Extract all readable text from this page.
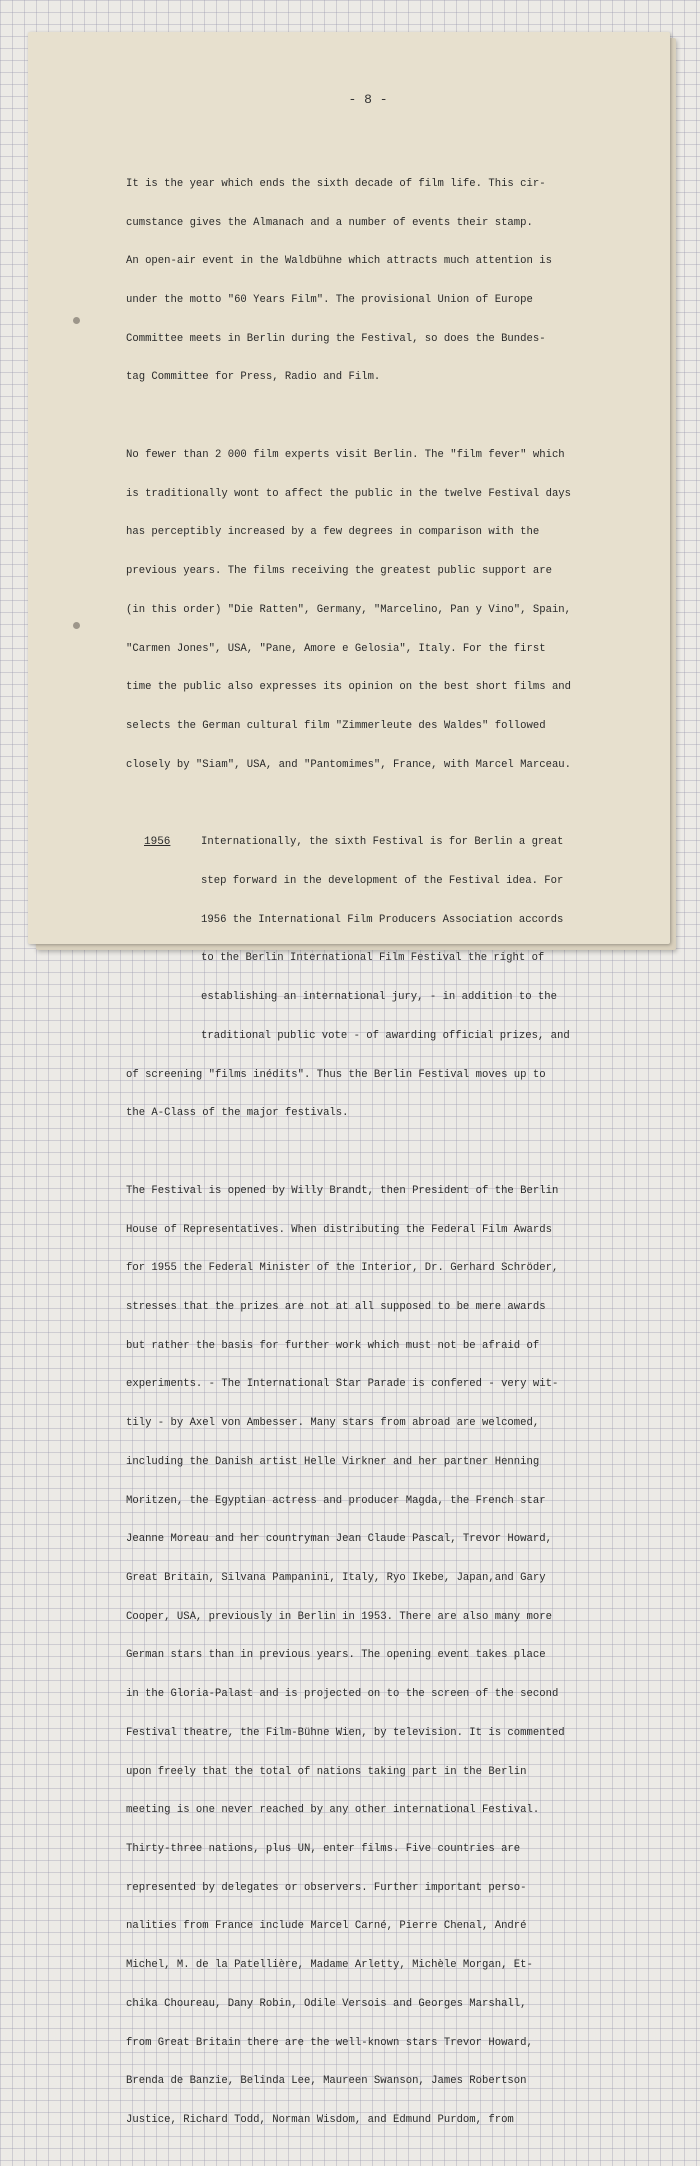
- 8 -

It is the year which ends the sixth decade of film life. This cir-

cumstance gives the Almanach and a number of events their stamp.

An open-air event in the Waldbühne which attracts much attention is

under the motto "60 Years Film". The provisional Union of Europe

Committee meets in Berlin during the Festival, so does the Bundes-

tag Committee for Press, Radio and Film.

No fewer than 2 000 film experts visit Berlin. The "film fever" which

is traditionally wont to affect the public in the twelve Festival days

has perceptibly increased by a few degrees in comparison with the

previous years. The films receiving the greatest public support are

(in this order) "Die Ratten", Germany, "Marcelino, Pan y Vino", Spain,

"Carmen Jones", USA, "Pane, Amore e Gelosia", Italy. For the first

time the public also expresses its opinion on the best short films and

selects the German cultural film "Zimmerleute des Waldes" followed

closely by "Siam", USA, and "Pantomimes", France, with Marcel Marceau.

1956

	Internationally, the sixth Festival is for Berlin a great

step forward in the development of the Festival idea. For

1956 the International Film Producers Association accords

to the Berlin International Film Festival the right of

establishing an international jury, - in addition to the

traditional public vote - of awarding official prizes, and

of screening "films inédits". Thus the Berlin Festival moves up to

the A-Class of the major festivals.

The Festival is opened by Willy Brandt, then President of the Berlin

House of Representatives. When distributing the Federal Film Awards

for 1955 the Federal Minister of the Interior, Dr. Gerhard Schröder,

stresses that the prizes are not at all supposed to be mere awards

but rather the basis for further work which must not be afraid of

experiments. - The International Star Parade is confered - very wit-

tily - by Axel von Ambesser. Many stars from abroad are welcomed,

including the Danish artist Helle Virkner and her partner Henning

Moritzen, the Egyptian actress and producer Magda, the French star

Jeanne Moreau and her countryman Jean Claude Pascal, Trevor Howard,

Great Britain, Silvana Pampanini, Italy, Ryo Ikebe, Japan,and Gary

Cooper, USA, previously in Berlin in 1953. There are also many more

German stars than in previous years. The opening event takes place

in the Gloria-Palast and is projected on to the screen of the second

Festival theatre, the Film-Bühne Wien, by television. It is commented

upon freely that the total of nations taking part in the Berlin

meeting is one never reached by any other international Festival.

Thirty-three nations, plus UN, enter films. Five countries are

represented by delegates or observers. Further important perso-

nalities from France include Marcel Carné, Pierre Chenal, André

Michel, M. de la Patellière, Madame Arletty, Michèle Morgan, Et-

chika Choureau, Dany Robin, Odile Versois and Georges Marshall,

from Great Britain there are the well-known stars Trevor Howard,

Brenda de Banzie, Belinda Lee, Maureen Swanson, James Robertson

Justice, Richard Todd, Norman Wisdom, and Edmund Purdom, from
